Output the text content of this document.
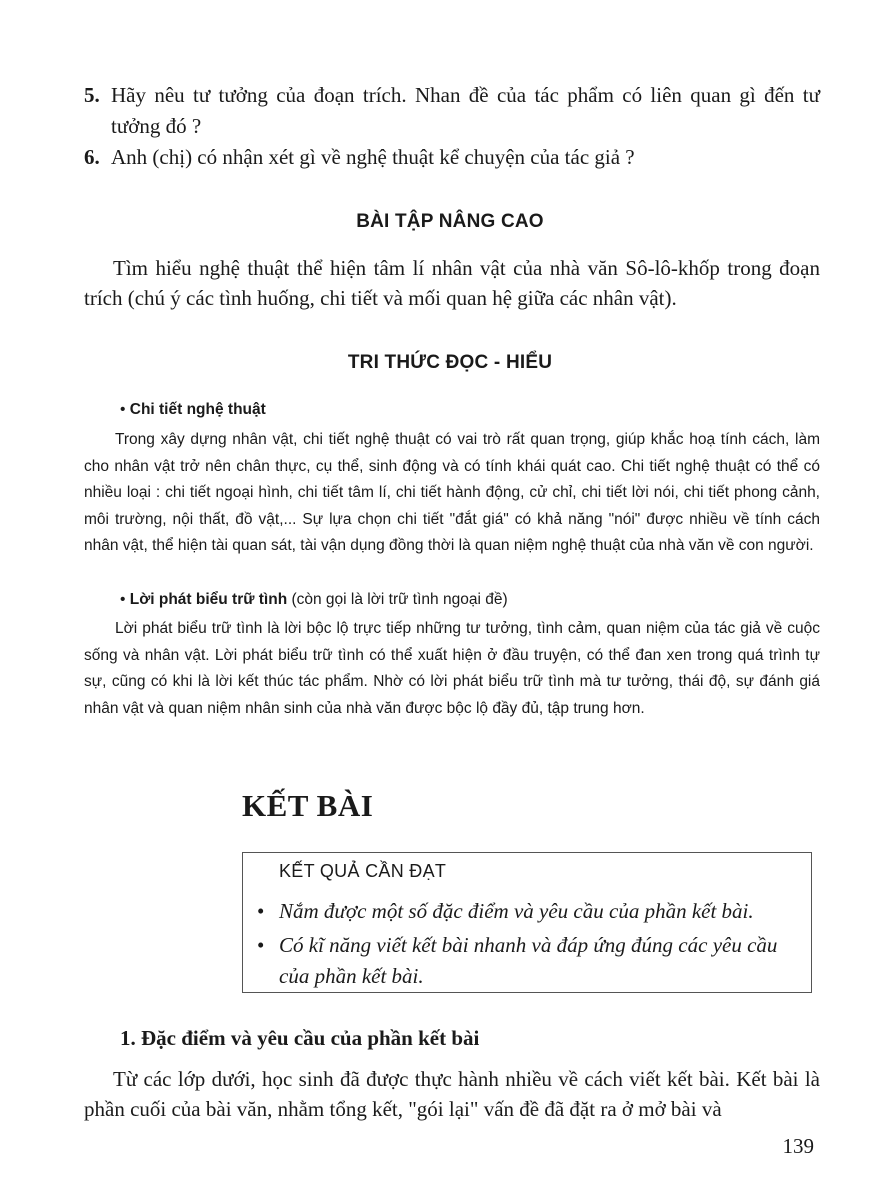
5. Hãy nêu tư tưởng của đoạn trích. Nhan đề của tác phẩm có liên quan gì đến tư tưởng đó ?
6. Anh (chị) có nhận xét gì về nghệ thuật kể chuyện của tác giả ?
BÀI TẬP NÂNG CAO
Tìm hiểu nghệ thuật thể hiện tâm lí nhân vật của nhà văn Sô-lô-khốp trong đoạn trích (chú ý các tình huống, chi tiết và mối quan hệ giữa các nhân vật).
TRI THỨC ĐỌC - HIỂU
• Chi tiết nghệ thuật
Trong xây dựng nhân vật, chi tiết nghệ thuật có vai trò rất quan trọng, giúp khắc hoạ tính cách, làm cho nhân vật trở nên chân thực, cụ thể, sinh động và có tính khái quát cao. Chi tiết nghệ thuật có thể có nhiều loại : chi tiết ngoại hình, chi tiết tâm lí, chi tiết hành động, cử chỉ, chi tiết lời nói, chi tiết phong cảnh, môi trường, nội thất, đồ vật,... Sự lựa chọn chi tiết "đắt giá" có khả năng "nói" được nhiều về tính cách nhân vật, thể hiện tài quan sát, tài vận dụng đồng thời là quan niệm nghệ thuật của nhà văn về con người.
• Lời phát biểu trữ tình (còn gọi là lời trữ tình ngoại đề)
Lời phát biểu trữ tình là lời bộc lộ trực tiếp những tư tưởng, tình cảm, quan niệm của tác giả về cuộc sống và nhân vật. Lời phát biểu trữ tình có thể xuất hiện ở đầu truyện, có thể đan xen trong quá trình tự sự, cũng có khi là lời kết thúc tác phẩm. Nhờ có lời phát biểu trữ tình mà tư tưởng, thái độ, sự đánh giá nhân vật và quan niệm nhân sinh của nhà văn được bộc lộ đầy đủ, tập trung hơn.
KẾT BÀI
KẾT QUẢ CẦN ĐẠT
• Nắm được một số đặc điểm và yêu cầu của phần kết bài.
• Có kĩ năng viết kết bài nhanh và đáp ứng đúng các yêu cầu của phần kết bài.
1. Đặc điểm và yêu cầu của phần kết bài
Từ các lớp dưới, học sinh đã được thực hành nhiều về cách viết kết bài. Kết bài là phần cuối của bài văn, nhằm tổng kết, "gói lại" vấn đề đã đặt ra ở mở bài và
139
